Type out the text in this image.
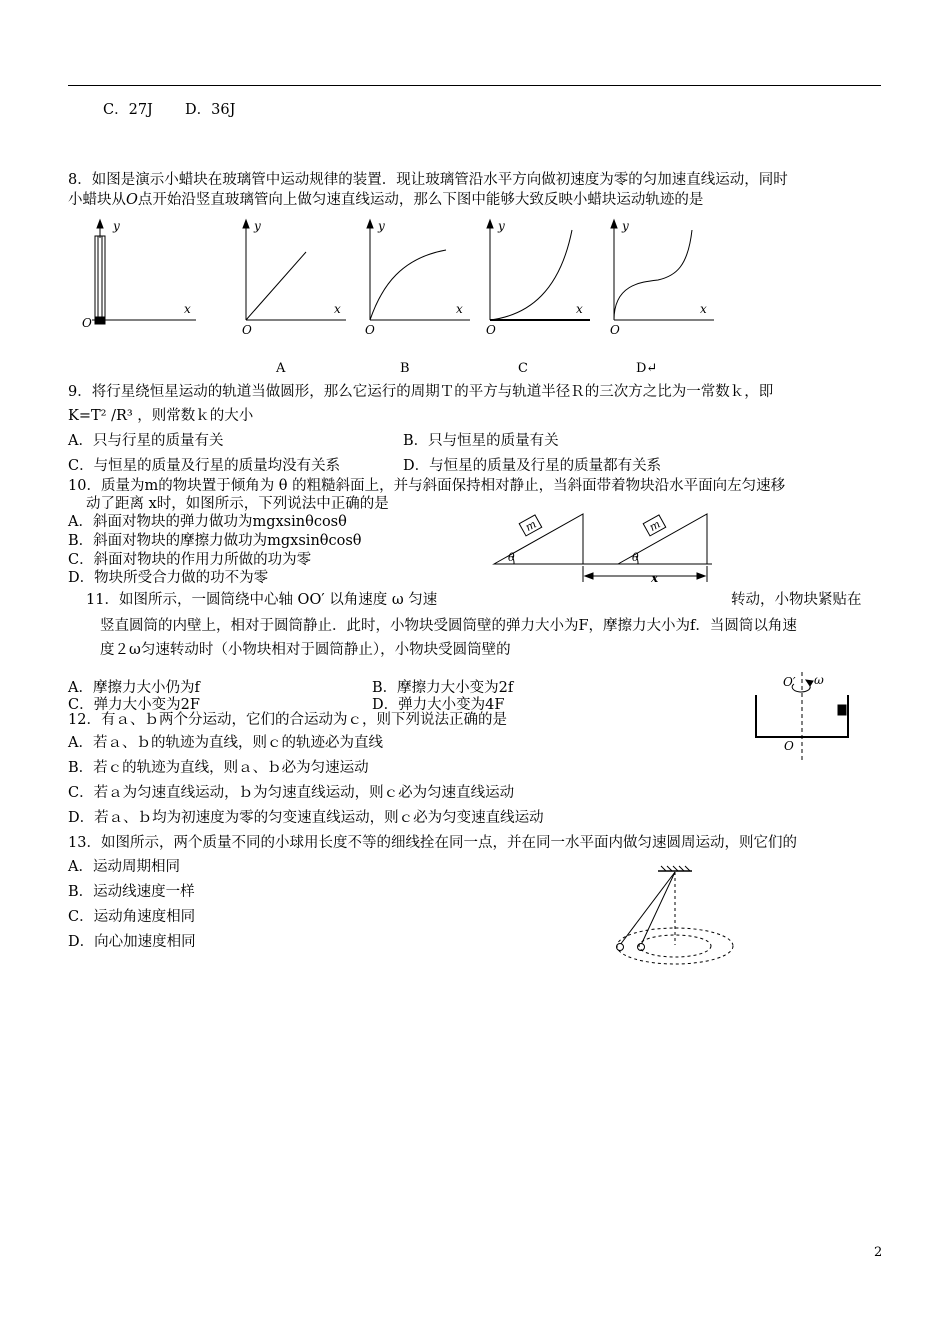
C．27J D．36J
8．如图是演示小蜡块在玻璃管中运动规律的装置．现让玻璃管沿水平方向做初速度为零的匀加速直线运动，同时
小蜡块从O点开始沿竖直玻璃管向上做匀速直线运动，那么下图中能够大致反映小蜡块运动轨迹的是
y
x
O
y
x
O
A
y
x
O
B
y
x
O
C
y
x
O
D↵
9．将行星绕恒星运动的轨道当做圆形，那么它运行的周期Ｔ的平方与轨道半径Ｒ的三次方之比为一常数ｋ，即
K=T² /R³ ，则常数ｋ的大小
A．只与行星的质量有关	B．只与恒星的质量有关
C．与恒星的质量及行星的质量均没有关系	D．与恒星的质量及行星的质量都有关系
10．质量为m的物块置于倾角为 θ 的粗糙斜面上，并与斜面保持相对静止，当斜面带着物块沿水平面向左匀速移
动了距离 x时，如图所示，下列说法中正确的是
A．斜面对物块的弹力做功为mgxsinθcosθ
B．斜面对物块的摩擦力做功为mgxsinθcosθ
C．斜面对物块的作用力所做的功为零
D．物块所受合力做的功不为零
m	m
θ	θ
x
11．如图所示，一圆筒绕中心轴 OO′ 以角速度 ω 匀速	转动，小物块紧贴在
竖直圆筒的内壁上，相对于圆筒静止．此时，小物块受圆筒壁的弹力大小为F，摩擦力大小为f．当圆筒以角速
度２ω匀速转动时（小物块相对于圆筒静止），小物块受圆筒壁的
A．摩擦力大小仍为f	B．摩擦力大小变为2f
C．弹力大小变为2F	D．弹力大小变为4F
O′ ω
O
12．有ａ、ｂ两个分运动，它们的合运动为ｃ，则下列说法正确的是
A．若ａ、ｂ的轨迹为直线，则ｃ的轨迹必为直线
B．若ｃ的轨迹为直线，则ａ、ｂ必为匀速运动
C．若ａ为匀速直线运动，ｂ为匀速直线运动，则ｃ必为匀速直线运动
D．若ａ、ｂ均为初速度为零的匀变速直线运动，则ｃ必为匀变速直线运动
13．如图所示，两个质量不同的小球用长度不等的细线拴在同一点，并在同一水平面内做匀速圆周运动，则它们的
A．运动周期相同
B．运动线速度一样
C．运动角速度相同
D．向心加速度相同
2
